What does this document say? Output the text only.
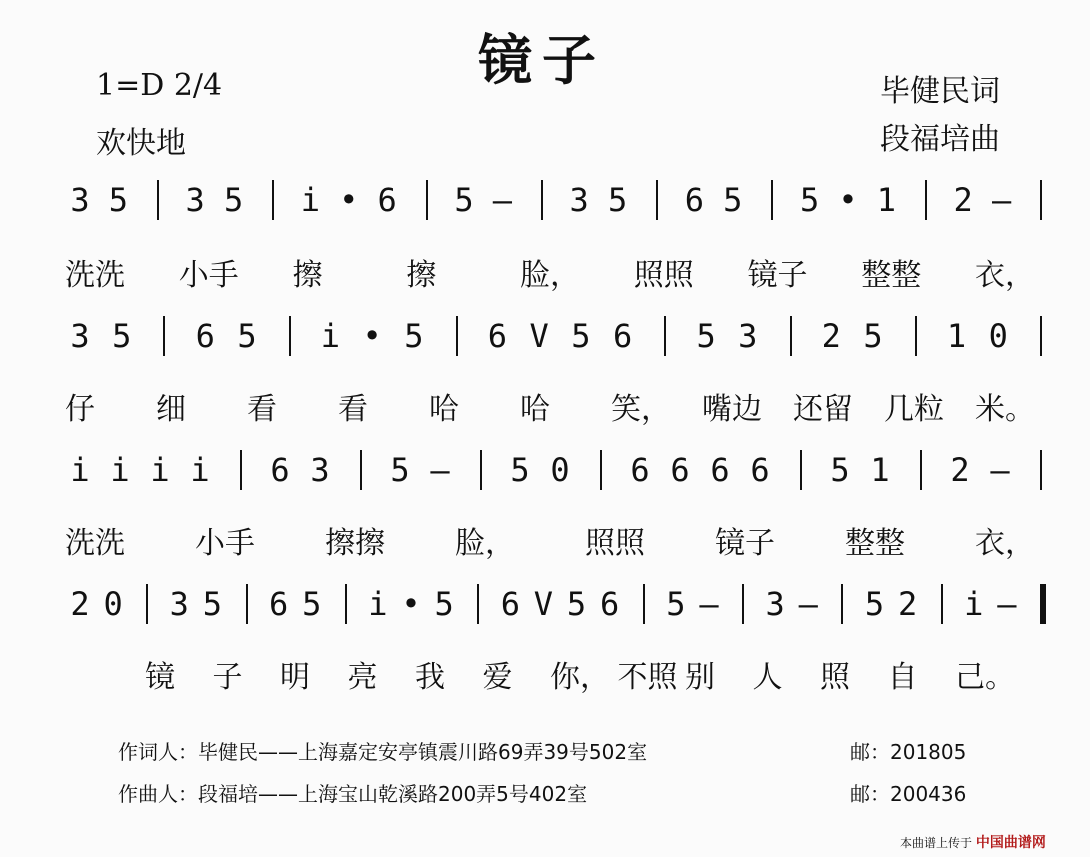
镜子
1=D 2/4
欢快地
毕健民词
段福培曲
3 5 3 5 i • 6 5 — 3 5 6 5 5 • 1 2 —
洗洗 小手 擦	擦	脸， 照照 镜子 整整 衣，
3 5 6 5 i • 5 6 V 5 6 5 3 2 5 1 0
仔 细 看 看 哈 哈 笑， 嘴边 还留 几粒 米。
i i i i 6 3 5 — 5 0 6 6 6 6 5 1 2 —
洗洗 小手 擦擦 脸， 照照 镜子 整整 衣，
2 0 3 5 6 5 i • 5 6 V 5 6 5 — 3 — 5 2 i —
镜 子 明 亮 我 爱 你， 不照 别 人 照 自 己。
作词人：毕健民——上海嘉定安亭镇震川路69弄39号502室	邮：201805
作曲人：段福培——上海宝山乾溪路200弄5号402室	邮：200436
本曲谱上传于 中国曲谱网
